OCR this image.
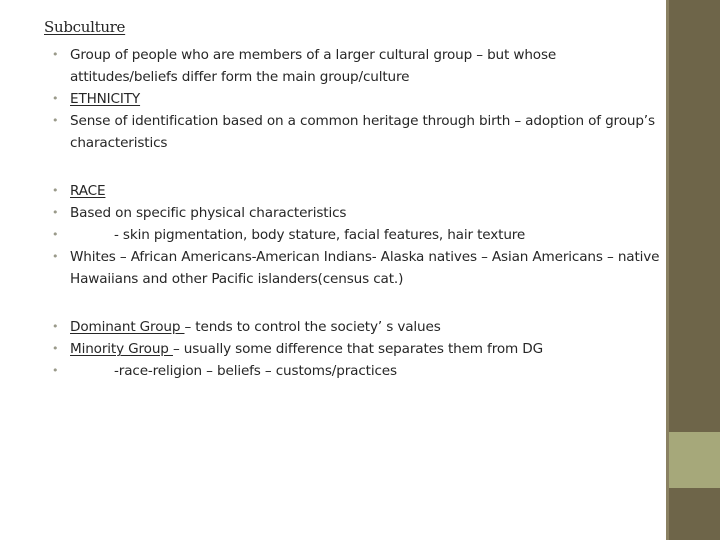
Subculture
• Group of people who are members of a larger cultural group – but whose attitudes/beliefs differ form the main group/culture
• ETHNICITY
• Sense of identification based on a common heritage through birth – adoption of group’s characteristics
• RACE
• Based on specific physical characteristics
•	- skin pigmentation, body stature, facial features, hair texture
• Whites – African Americans-American Indians- Alaska natives – Asian Americans – native Hawaiians and other Pacific islanders(census cat.)
• Dominant Group – tends to control the society’ s values
• Minority Group – usually some difference that separates them from DG
•	-race-religion – beliefs – customs/practices
